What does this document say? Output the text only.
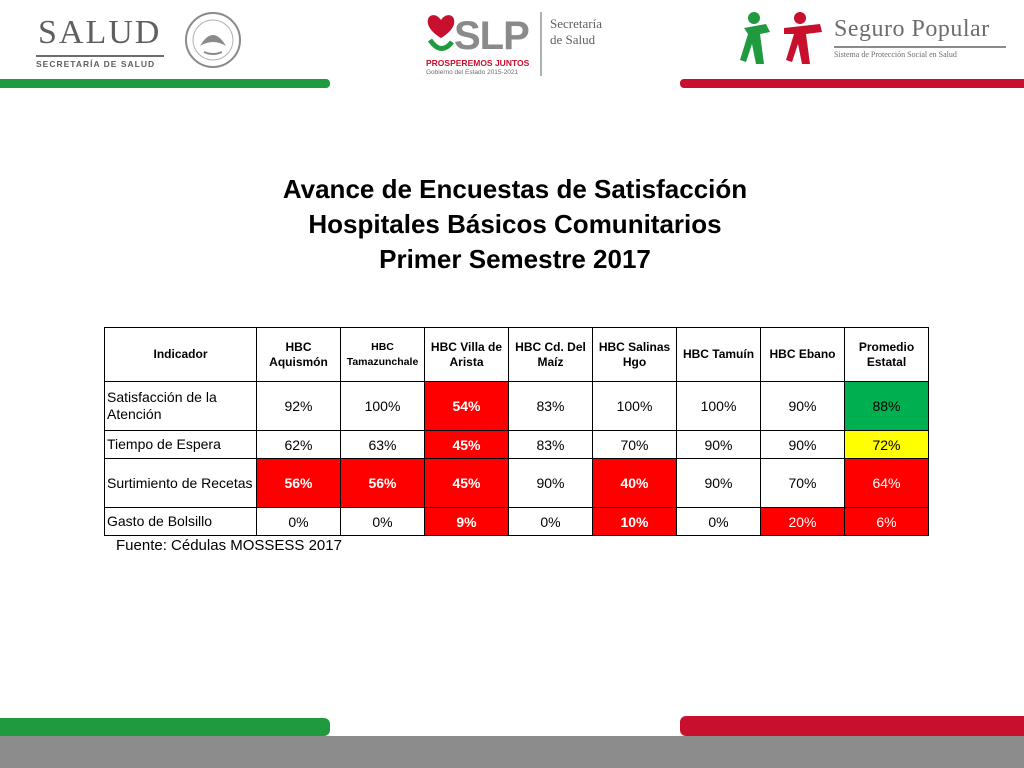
SALUD
SECRETARÍA DE SALUD
SLP
PROSPEREMOS JUNTOS
Gobierno del Estado 2015-2021
Secretaría
de Salud	Seguro Popular
Sistema de Protección Social en Salud
Avance de Encuestas de Satisfacción
Hospitales Básicos Comunitarios
Primer Semestre 2017
Indicador	HBC Aquismón	HBC Tamazunchale	HBC Villa de Arista	HBC Cd. Del Maíz	HBC Salinas Hgo	HBC Tamuín	HBC Ebano	Promedio Estatal
Satisfacción de la Atención	92%	100%	54%	83%	100%	100%	90%	88%
Tiempo de Espera	62%	63%	45%	83%	70%	90%	90%	72%
Surtimiento de Recetas	56%	56%	45%	90%	40%	90%	70%	64%
Gasto de Bolsillo	0%	0%	9%	0%	10%	0%	20%	6%
Fuente: Cédulas MOSSESS 2017
